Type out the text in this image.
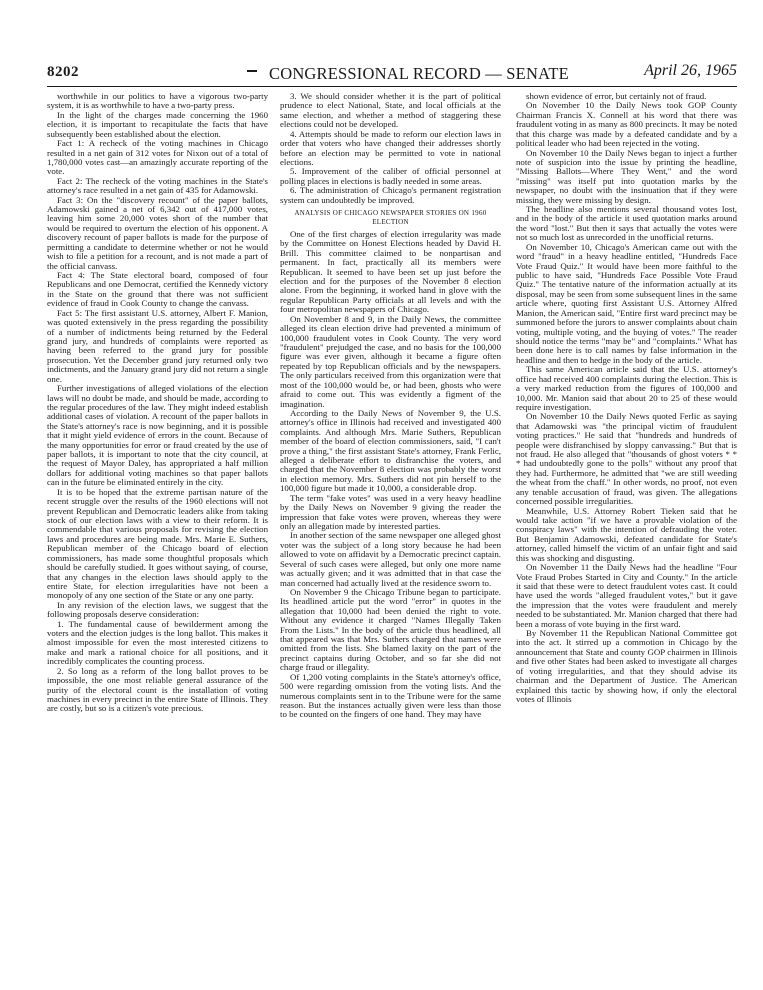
8202	CONGRESSIONAL RECORD — SENATE	April 26, 1965

worthwhile in our politics to have a vigorous two-party system, it is as worthwhile to have a two-party press.

In the light of the charges made concerning the 1960 election, it is important to recapitulate the facts that have subsequently been established about the election.

Fact 1: A recheck of the voting machines in Chicago resulted in a net gain of 312 votes for Nixon out of a total of 1,780,000 votes cast—an amazingly accurate reporting of the vote.

Fact 2: The recheck of the voting machines in the State's attorney's race resulted in a net gain of 435 for Adamowski.

Fact 3: On the "discovery recount" of the paper ballots, Adamowski gained a net of 6,342 out of 417,000 votes, leaving him some 20,000 votes short of the number that would be required to overturn the election of his opponent. A discovery recount of paper ballots is made for the purpose of permitting a candidate to determine whether or not he would wish to file a petition for a recount, and is not made a part of the official canvass.

Fact 4: The State electoral board, composed of four Republicans and one Democrat, certified the Kennedy victory in the State on the ground that there was not sufficient evidence of fraud in Cook County to change the canvass.

Fact 5: The first assistant U.S. attorney, Albert F. Manion, was quoted extensively in the press regarding the possibility of a number of indictments being returned by the Federal grand jury, and hundreds of complaints were reported as having been referred to the grand jury for possible prosecution. Yet the December grand jury returned only two indictments, and the January grand jury did not return a single one.

Further investigations of alleged violations of the election laws will no doubt be made, and should be made, according to the regular procedures of the law. They might indeed establish additional cases of violation. A recount of the paper ballots in the State's attorney's race is now beginning, and it is possible that it might yield evidence of errors in the count. Because of the many opportunities for error or fraud created by the use of paper ballots, it is important to note that the city council, at the request of Mayor Daley, has appropriated a half million dollars for additional voting machines so that paper ballots can in the future be eliminated entirely in the city.

It is to be hoped that the extreme partisan nature of the recent struggle over the results of the 1960 elections will not prevent Republican and Democratic leaders alike from taking stock of our election laws with a view to their reform. It is commendable that various proposals for revising the election laws and procedures are being made. Mrs. Marie E. Suthers, Republican member of the Chicago board of election commissioners, has made some thoughtful proposals which should be carefully studied. It goes without saying, of course, that any changes in the election laws should apply to the entire State, for election irregularities have not been a monopoly of any one section of the State or any one party.

In any revision of the election laws, we suggest that the following proposals deserve consideration:

1. The fundamental cause of bewilderment among the voters and the election judges is the long ballot. This makes it almost impossible for even the most interested citizens to make and mark a rational choice for all positions, and it incredibly complicates the counting process.

2. So long as a reform of the long ballot proves to be impossible, the one most reliable general assurance of the purity of the electoral count is the installation of voting machines in every precinct in the entire State of Illinois. They are costly, but so is a citizen's vote precious.

3. We should consider whether it is the part of political prudence to elect National, State, and local officials at the same election, and whether a method of staggering these elections could not be developed.

4. Attempts should be made to reform our election laws in order that voters who have changed their addresses shortly before an election may be permitted to vote in national elections.

5. Improvement of the caliber of official personnel at polling places in elections is badly needed in some areas.

6. The administration of Chicago's permanent registration system can undoubtedly be improved.

ANALYSIS OF CHICAGO NEWSPAPER STORIES ON 1960 ELECTION

One of the first charges of election irregularity was made by the Committee on Honest Elections headed by David H. Brill. This committee claimed to be nonpartisan and permanent. In fact, practically all its members were Republican. It seemed to have been set up just before the election and for the purposes of the November 8 election alone. From the beginning, it worked hand in glove with the regular Republican Party officials at all levels and with the four metropolitan newspapers of Chicago.

On November 8 and 9, in the Daily News, the committee alleged its clean election drive had prevented a minimum of 100,000 fraudulent votes in Cook County. The very word "fraudulent" prejudged the case, and no basis for the 100,000 figure was ever given, although it became a figure often repeated by top Republican officials and by the newspapers. The only particulars received from this organization were that most of the 100,000 would be, or had been, ghosts who were afraid to come out. This was evidently a figment of the imagination.

According to the Daily News of November 9, the U.S. attorney's office in Illinois had received and investigated 400 complaints. And although Mrs. Marie Suthers, Republican member of the board of election commissioners, said, "I can't prove a thing," the first assistant State's attorney, Frank Ferlic, alleged a deliberate effort to disfranchise the voters, and charged that the November 8 election was probably the worst in election memory. Mrs. Suthers did not pin herself to the 100,000 figure but made it 10,000, a considerable drop.

The term "fake votes" was used in a very heavy headline by the Daily News on November 9 giving the reader the impression that fake votes were proven, whereas they were only an allegation made by interested parties.

In another section of the same newspaper one alleged ghost voter was the subject of a long story because he had been allowed to vote on affidavit by a Democratic precinct captain. Several of such cases were alleged, but only one more name was actually given; and it was admitted that in that case the man concerned had actually lived at the residence sworn to.

On November 9 the Chicago Tribune began to participate. Its headlined article put the word "error" in quotes in the allegation that 10,000 had been denied the right to vote. Without any evidence it charged "Names Illegally Taken From the Lists." In the body of the article thus headlined, all that appeared was that Mrs. Suthers charged that names were omitted from the lists. She blamed laxity on the part of the precinct captains during October, and so far she did not charge fraud or illegality.

Of 1,200 voting complaints in the State's attorney's office, 500 were regarding omission from the voting lists. And the numerous complaints sent in to the Tribune were for the same reason. But the instances actually given were less than those to be counted on the fingers of one hand. They may have

shown evidence of error, but certainly not of fraud.

On November 10 the Daily News took GOP County Chairman Francis X. Connell at his word that there was fraudulent voting in as many as 800 precincts. It may be noted that this charge was made by a defeated candidate and by a political leader who had been rejected in the voting.

On November 10 the Daily News began to inject a further note of suspicion into the issue by printing the headline, "Missing Ballots—Where They Went," and the word "missing" was itself put into quotation marks by the newspaper, no doubt with the insinuation that if they were missing, they were missing by design.

The headline also mentions several thousand votes lost, and in the body of the article it used quotation marks around the word "lost." But then it says that actually the votes were not so much lost as unrecorded in the unofficial returns.

On November 10, Chicago's American came out with the word "fraud" in a heavy headline entitled, "Hundreds Face Vote Fraud Quiz." It would have been more faithful to the public to have said, "Hundreds Face Possible Vote Fraud Quiz." The tentative nature of the information actually at its disposal, may be seen from some subsequent lines in the same article where, quoting first Assistant U.S. Attorney Alfred Manion, the American said, "Entire first ward precinct may be summoned before the jurors to answer complaints about chain voting, multiple voting, and the buying of votes." The reader should notice the terms "may be" and "complaints." What has been done here is to call names by false information in the headline and then to hedge in the body of the article.

This same American article said that the U.S. attorney's office had received 400 complaints during the election. This is a very marked reduction from the figures of 100,000 and 10,000. Mr. Manion said that about 20 to 25 of these would require investigation.

On November 10 the Daily News quoted Ferlic as saying that Adamowski was "the principal victim of fraudulent voting practices." He said that "hundreds and hundreds of people were disfranchised by sloppy canvassing." But that is not fraud. He also alleged that "thousands of ghost voters * * * had undoubtedly gone to the polls" without any proof that they had. Furthermore, he admitted that "we are still weeding the wheat from the chaff." In other words, no proof, not even any tenable accusation of fraud, was given. The allegations concerned possible irregularities.

Meanwhile, U.S. Attorney Robert Tieken said that he would take action "if we have a provable violation of the conspiracy laws" with the intention of defrauding the voter. But Benjamin Adamowski, defeated candidate for State's attorney, called himself the victim of an unfair fight and said this was shocking and disgusting.

On November 11 the Daily News had the headline "Four Vote Fraud Probes Started in City and County." In the article it said that these were to detect fraudulent votes cast. It could have used the words "alleged fraudulent votes," but it gave the impression that the votes were fraudulent and merely needed to be substantiated. Mr. Manion charged that there had been a morass of vote buying in the first ward.

By November 11 the Republican National Committee got into the act. It stirred up a commotion in Chicago by the announcement that State and county GOP chairmen in Illinois and five other States had been asked to investigate all charges of voting irregularities, and that they should advise its chairman and the Department of Justice. The American explained this tactic by showing how, if only the electoral votes of Illinois
